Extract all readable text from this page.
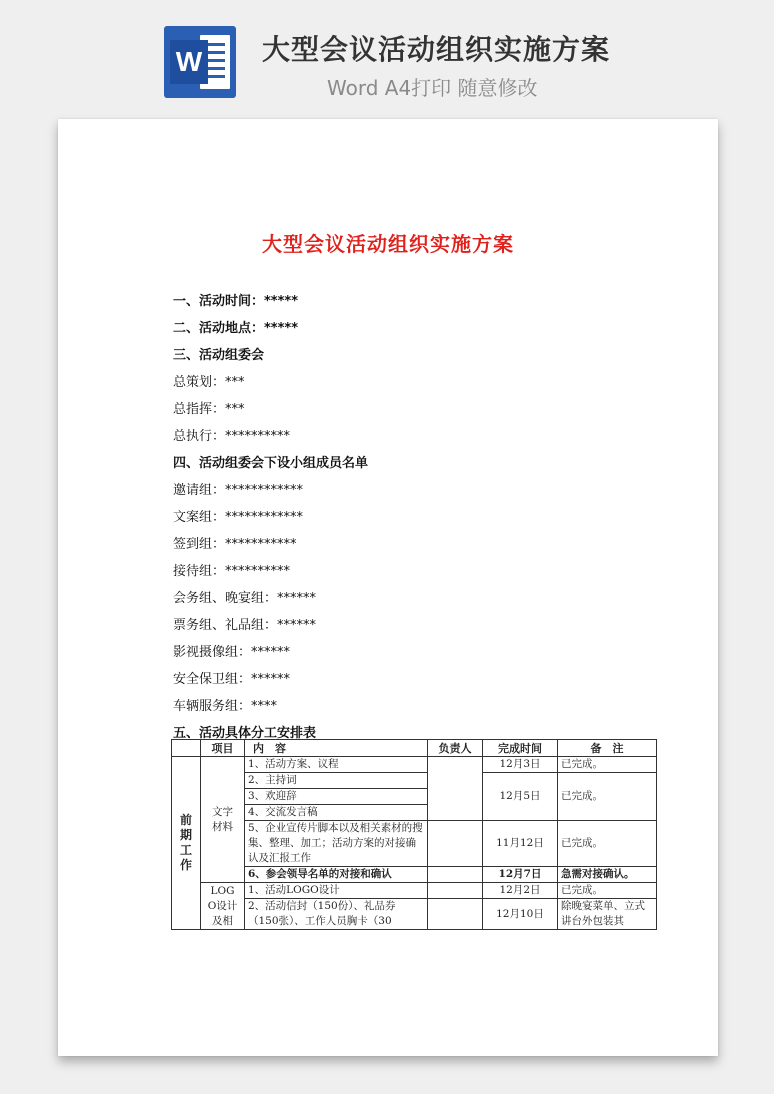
W 大型会议活动组织实施方案
Word A4打印 随意修改
大型会议活动组织实施方案
一、活动时间：*****
二、活动地点：*****
三、活动组委会
总策划：***
总指挥：***
总执行：**********
四、活动组委会下设小组成员名单
邀请组：************
文案组：************
签到组：***********
接待组：**********
会务组、晚宴组：******
票务组、礼品组：******
影视摄像组：******
安全保卫组：******
车辆服务组：****
五、活动具体分工安排表
	项目	内　容	负责人	完成时间	备　注
前期工作	文字材料	1、活动方案、议程		12月3日	已完成。
		2、主持词		12月5日	已完成。
		3、欢迎辞			
		4、交流发言稿			
		5、企业宣传片脚本以及相关素材的搜集、整理、加工；活动方案的对接确认及汇报工作		11月12日	已完成。
		6、参会领导名单的对接和确认		12月7日	急需对接确认。
	LOGO设计及相	1、活动LOGO设计		12月2日	已完成。
		2、活动信封（150份）、礼品券（150张）、工作人员胸卡（30		12月10日	除晚宴菜单、立式讲台外包装其
